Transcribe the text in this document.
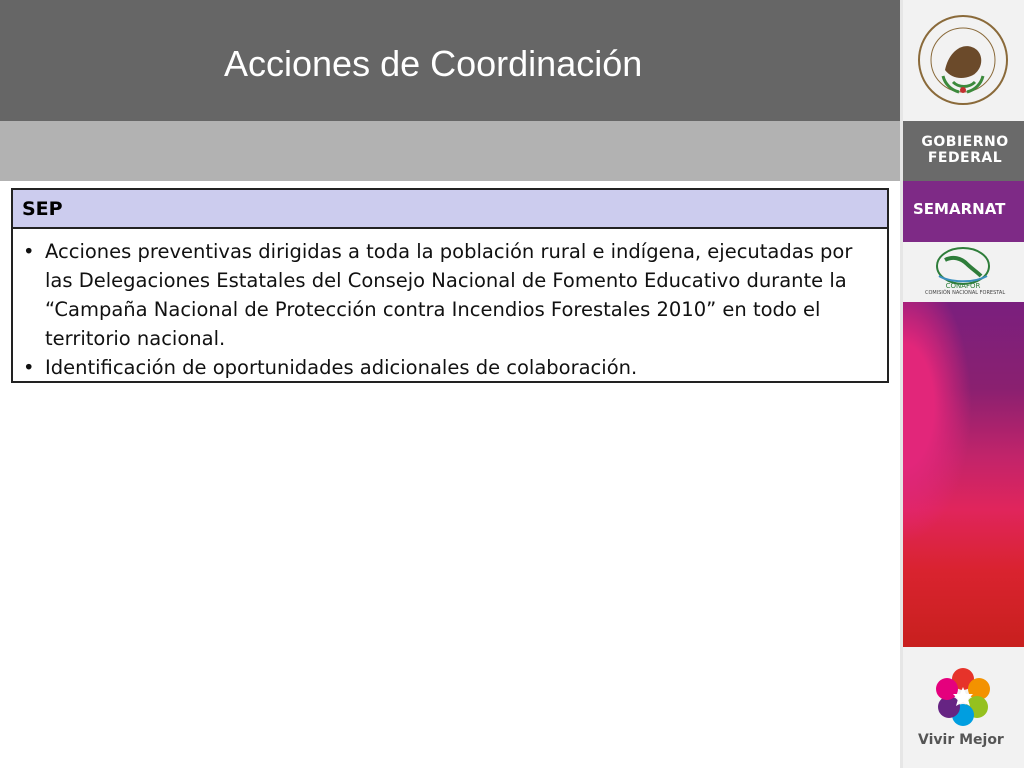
Acciones de Coordinación
SEP
• Acciones preventivas dirigidas a toda la población rural e indígena, ejecutadas por las Delegaciones Estatales del Consejo Nacional de Fomento Educativo durante la “Campaña Nacional de Protección contra Incendios Forestales 2010” en todo el territorio nacional.
• Identificación de oportunidades adicionales de colaboración.
GOBIERNO
FEDERAL
SEMARNAT
CONAFOR
COMISIÓN NACIONAL FORESTAL
Vivir Mejor
